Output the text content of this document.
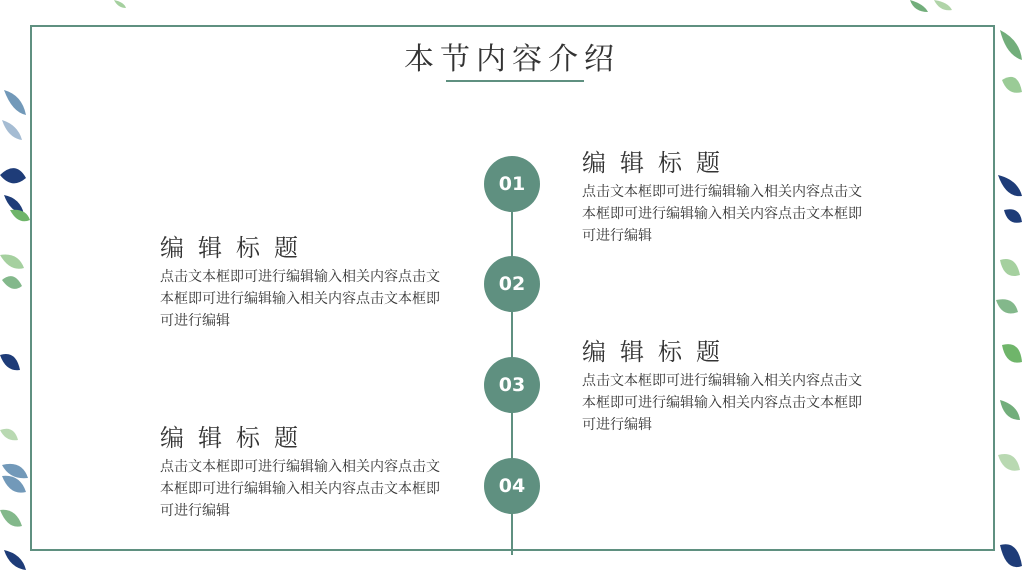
本节内容介绍
01
02
03
04
编辑标题
点击文本框即可进行编辑输入相关内容点击文本框即可进行编辑输入相关内容点击文本框即可进行编辑
编辑标题
点击文本框即可进行编辑输入相关内容点击文本框即可进行编辑输入相关内容点击文本框即可进行编辑
编辑标题
点击文本框即可进行编辑输入相关内容点击文本框即可进行编辑输入相关内容点击文本框即可进行编辑
编辑标题
点击文本框即可进行编辑输入相关内容点击文本框即可进行编辑输入相关内容点击文本框即可进行编辑
